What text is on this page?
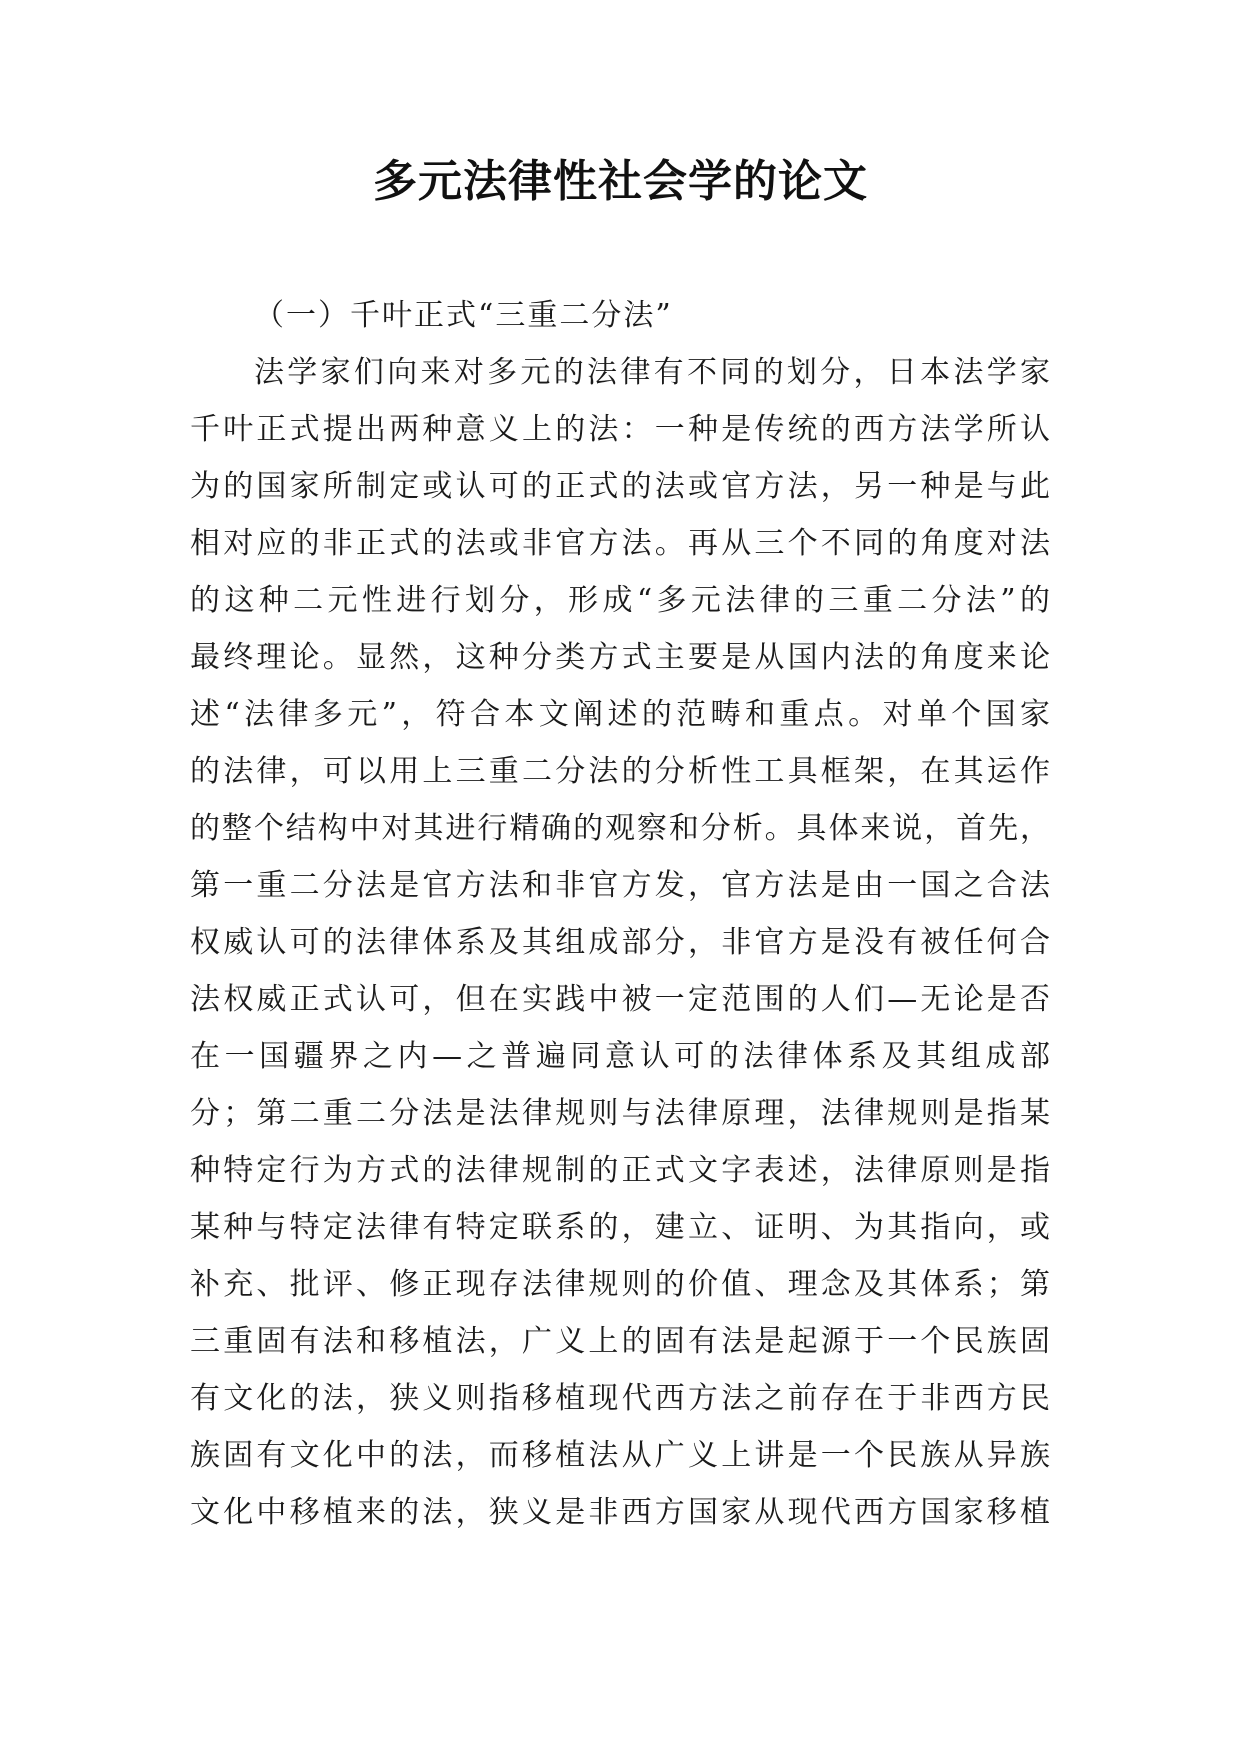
多元法律性社会学的论文
（一）千叶正式“三重二分法”
法学家们向来对多元的法律有不同的划分，日本法学家
千叶正式提出两种意义上的法：一种是传统的西方法学所认
为的国家所制定或认可的正式的法或官方法，另一种是与此
相对应的非正式的法或非官方法。再从三个不同的角度对法
的这种二元性进行划分，形成“多元法律的三重二分法”的
最终理论。显然，这种分类方式主要是从国内法的角度来论
述“法律多元”，符合本文阐述的范畴和重点。对单个国家
的法律，可以用上三重二分法的分析性工具框架，在其运作
的整个结构中对其进行精确的观察和分析。具体来说，首先，
第一重二分法是官方法和非官方发，官方法是由一国之合法
权威认可的法律体系及其组成部分，非官方是没有被任何合
法权威正式认可，但在实践中被一定范围的人们—无论是否
在一国疆界之内—之普遍同意认可的法律体系及其组成部
分；第二重二分法是法律规则与法律原理，法律规则是指某
种特定行为方式的法律规制的正式文字表述，法律原则是指
某种与特定法律有特定联系的，建立、证明、为其指向，或
补充、批评、修正现存法律规则的价值、理念及其体系；第
三重固有法和移植法，广义上的固有法是起源于一个民族固
有文化的法，狭义则指移植现代西方法之前存在于非西方民
族固有文化中的法，而移植法从广义上讲是一个民族从异族
文化中移植来的法，狭义是非西方国家从现代西方国家移植
